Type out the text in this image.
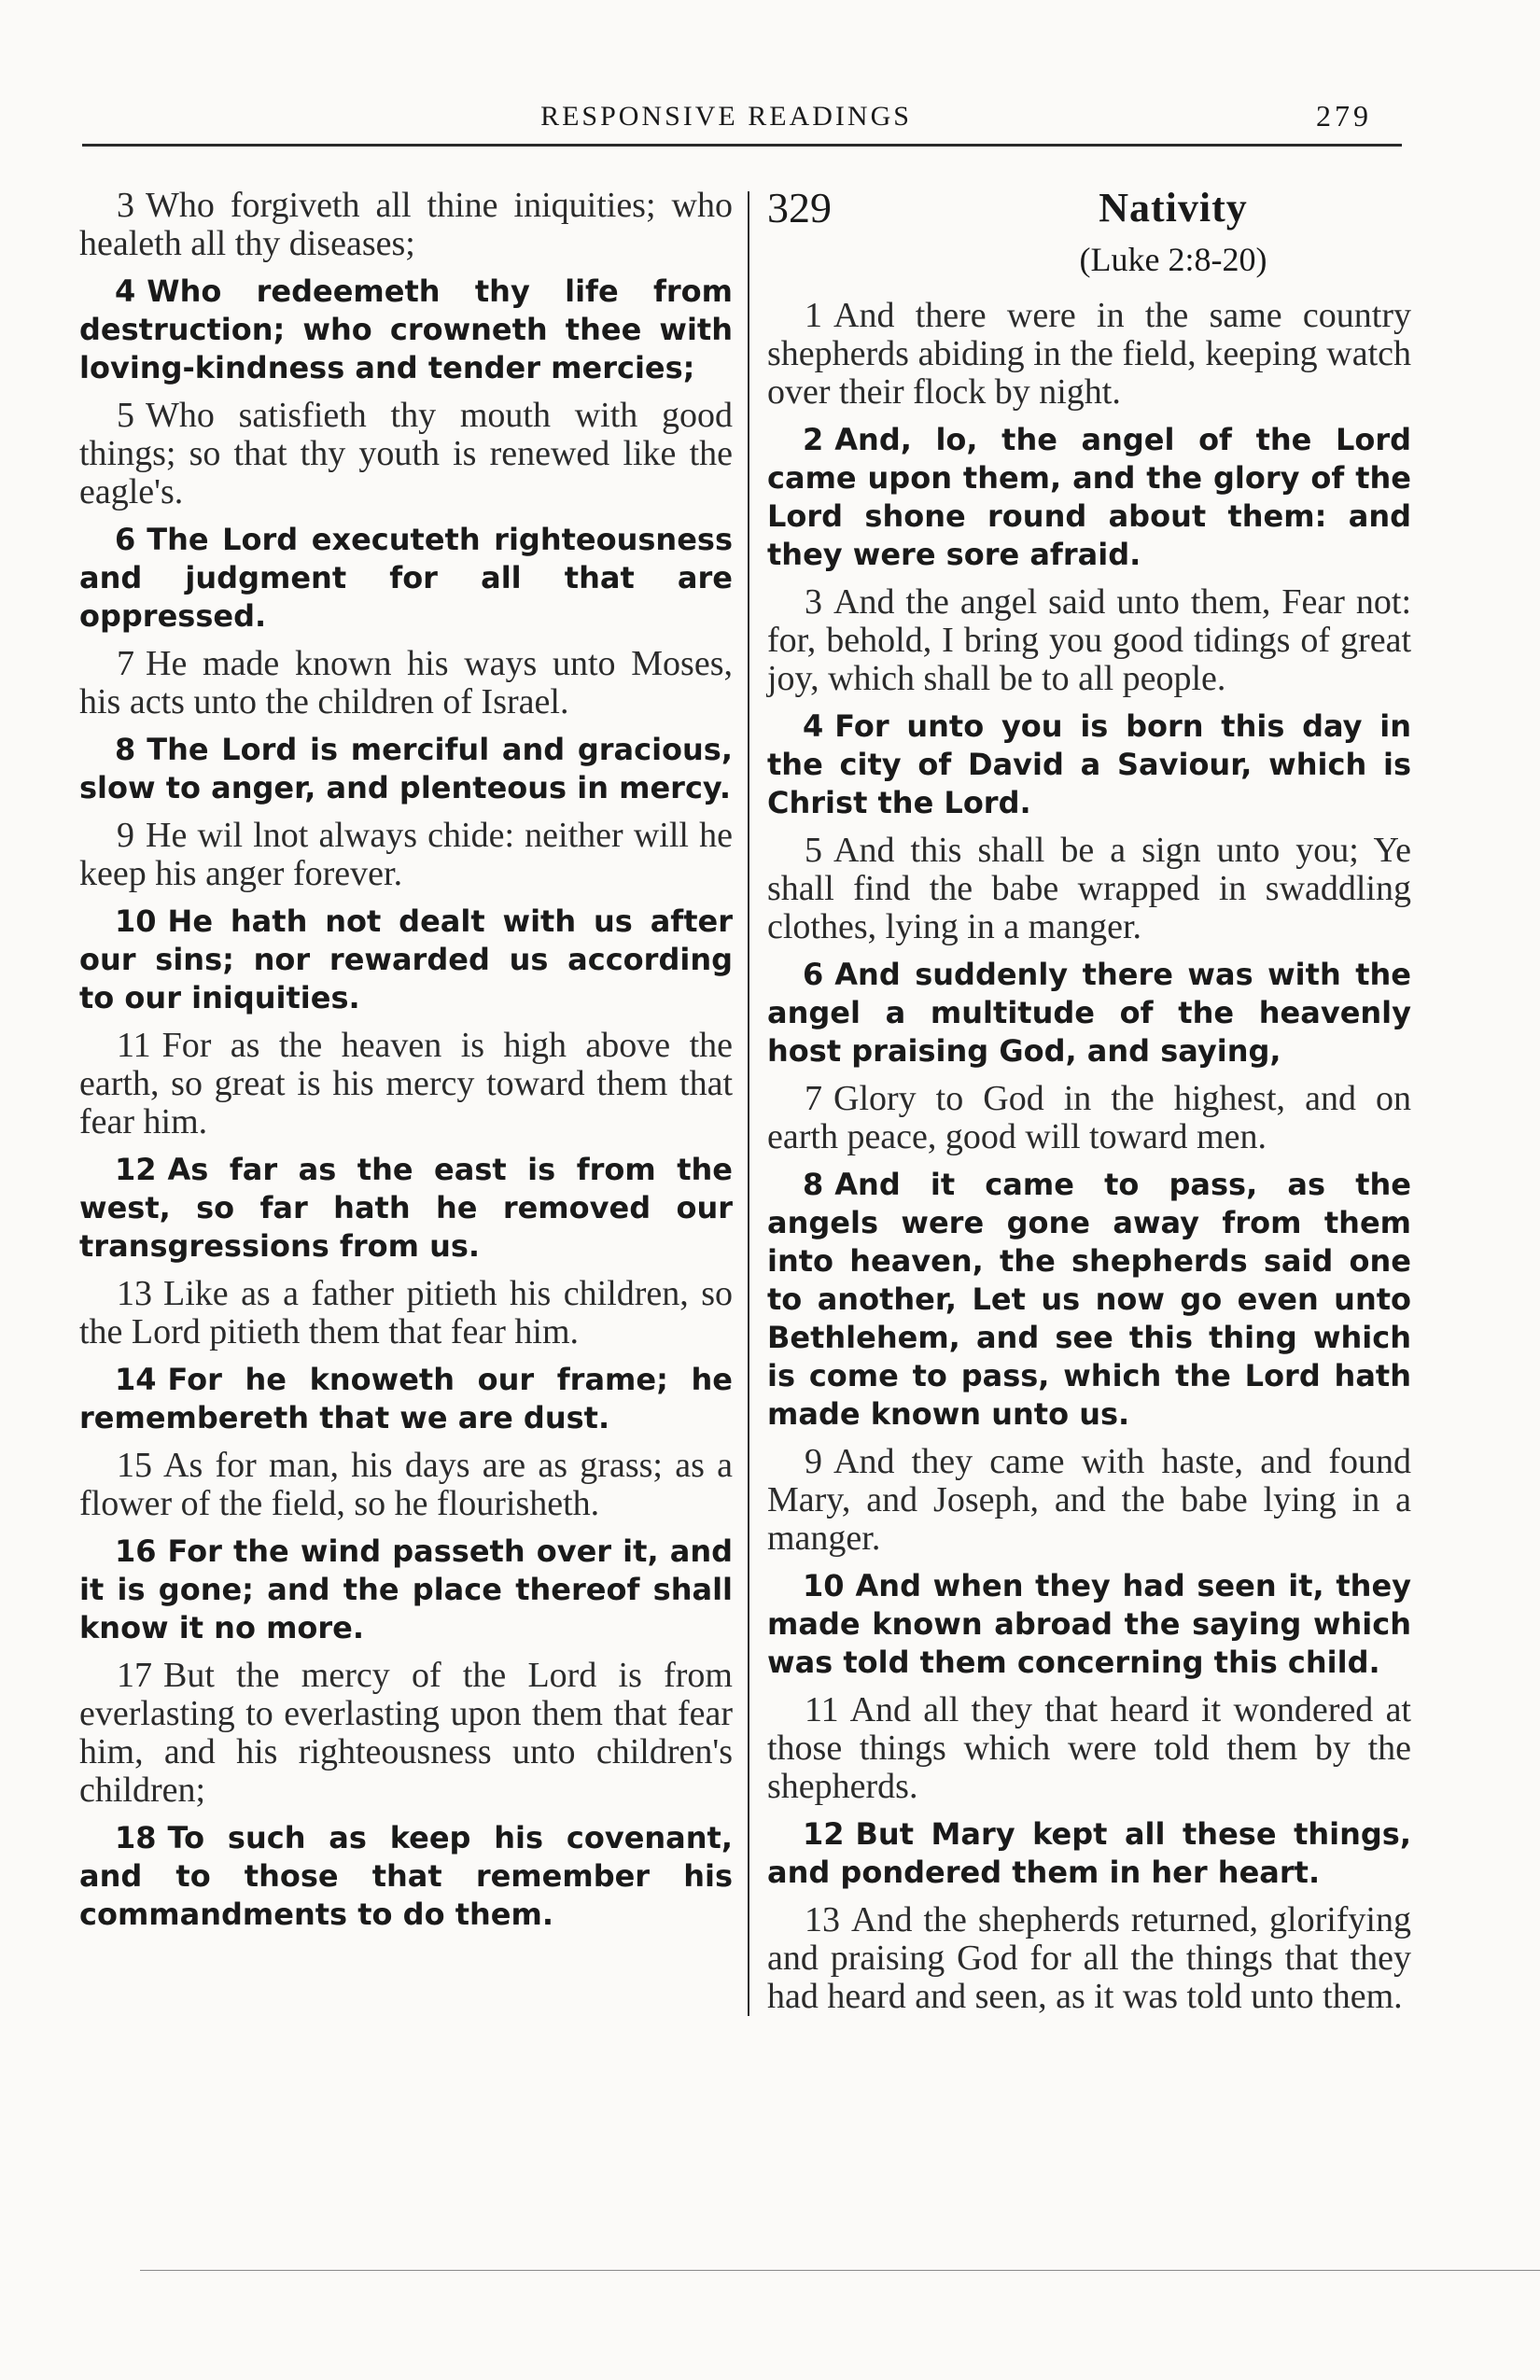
RESPONSIVE READINGS	279

3 Who forgiveth all thine iniquities; who healeth all thy diseases;

4 Who redeemeth thy life from destruction; who crowneth thee with loving-kindness and tender mercies;

5 Who satisfieth thy mouth with good things; so that thy youth is renewed like the eagle's.

6 The Lord executeth righteousness and judgment for all that are oppressed.

7 He made known his ways unto Moses, his acts unto the children of Israel.

8 The Lord is merciful and gracious, slow to anger, and plenteous in mercy.

9 He wil lnot always chide: neither will he keep his anger forever.

10 He hath not dealt with us after our sins; nor rewarded us according to our iniquities.

11 For as the heaven is high above the earth, so great is his mercy toward them that fear him.

12 As far as the east is from the west, so far hath he removed our transgressions from us.

13 Like as a father pitieth his children, so the Lord pitieth them that fear him.

14 For he knoweth our frame; he remembereth that we are dust.

15 As for man, his days are as grass; as a flower of the field, so he flourisheth.

16 For the wind passeth over it, and it is gone; and the place thereof shall know it no more.

17 But the mercy of the Lord is from everlasting to everlasting upon them that fear him, and his righteousness unto children's children;

18 To such as keep his covenant, and to those that remember his commandments to do them.

329	Nativity
(Luke 2:8-20)

1 And there were in the same country shepherds abiding in the field, keeping watch over their flock by night.

2 And, lo, the angel of the Lord came upon them, and the glory of the Lord shone round about them: and they were sore afraid.

3 And the angel said unto them, Fear not: for, behold, I bring you good tidings of great joy, which shall be to all people.

4 For unto you is born this day in the city of David a Saviour, which is Christ the Lord.

5 And this shall be a sign unto you; Ye shall find the babe wrapped in swaddling clothes, lying in a manger.

6 And suddenly there was with the angel a multitude of the heavenly host praising God, and saying,

7 Glory to God in the highest, and on earth peace, good will toward men.

8 And it came to pass, as the angels were gone away from them into heaven, the shepherds said one to another, Let us now go even unto Bethlehem, and see this thing which is come to pass, which the Lord hath made known unto us.

9 And they came with haste, and found Mary, and Joseph, and the babe lying in a manger.

10 And when they had seen it, they made known abroad the saying which was told them concerning this child.

11 And all they that heard it wondered at those things which were told them by the shepherds.

12 But Mary kept all these things, and pondered them in her heart.

13 And the shepherds returned, glorifying and praising God for all the things that they had heard and seen, as it was told unto them.
